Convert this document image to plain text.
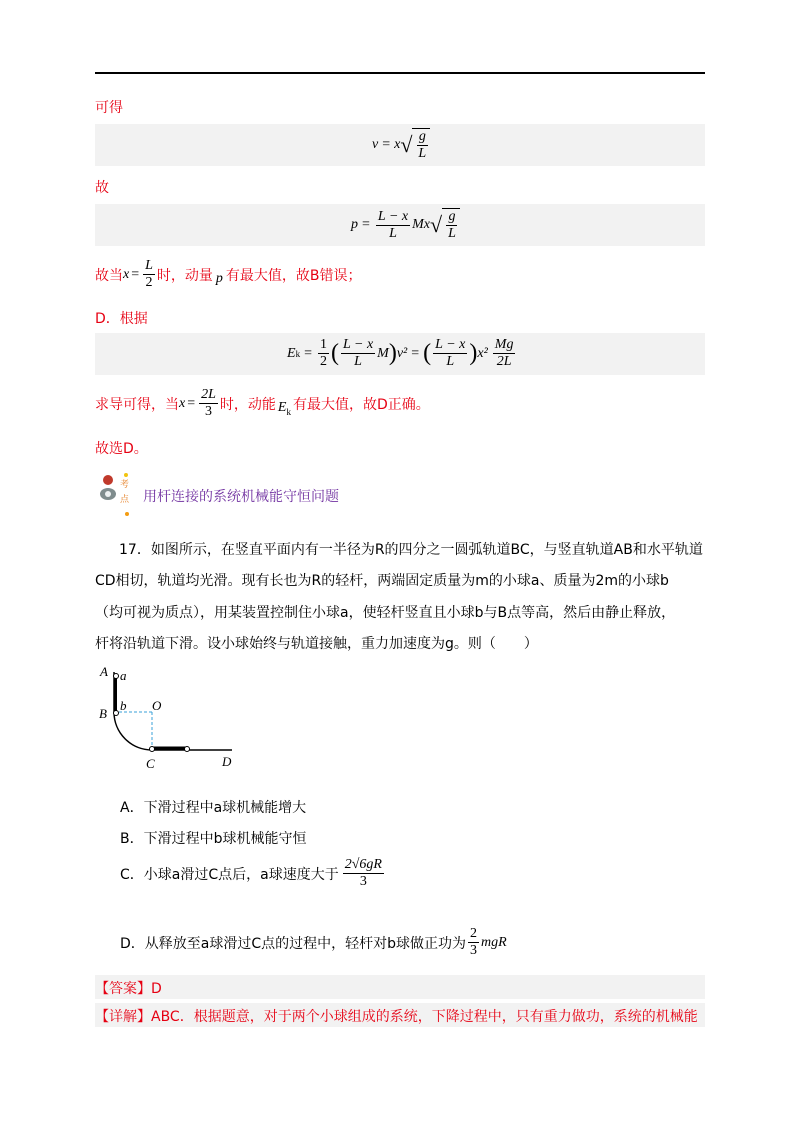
可得
v = x √ $\frac{g}{L}$
故
$p = \frac{L - x}{L}$ Mx √ $\frac{g}{L}$
故当 $x = \frac{L}{2}$ 时，动量 p 有最大值，故B错误；
D．根据
E $k = \frac{1}{2}$ ( $\frac{L - x}{L}$ M ) v² = ( $\frac{L - x}{L}$ ) $x^2 \frac{Mg}{2L}$
求导可得，当 $x = \frac{2L}{3}$ 时，动能 $E_k$ 有最大值，故D正确。
故选D。
考
点 用杆连接的系统机械能守恒问题
17．如图所示，在竖直平面内有一半径为R的四分之一圆弧轨道BC，与竖直轨道AB和水平轨道
CD相切，轨道均光滑。现有长也为R的轻杆，两端固定质量为m的小球a、质量为2m的小球b
（均可视为质点），用某装置控制住小球a，使轻杆竖直且小球b与B点等高，然后由静止释放，
杆将沿轨道下滑。设小球始终与轨道接触，重力加速度为g。则（　　）
A a
B
b O
C	D
A．下滑过程中a球机械能增大
B．下滑过程中b球机械能守恒
C．小球a滑过C点后，a球速度大于 $\frac{2√6gR}{3}$
D．从释放至a球滑过C点的过程中，轻杆对b球做正功为 $\frac{2}{3}$ mgR
【答案】D
【详解】ABC．根据题意，对于两个小球组成的系统，下降过程中，只有重力做功，系统的机械能
